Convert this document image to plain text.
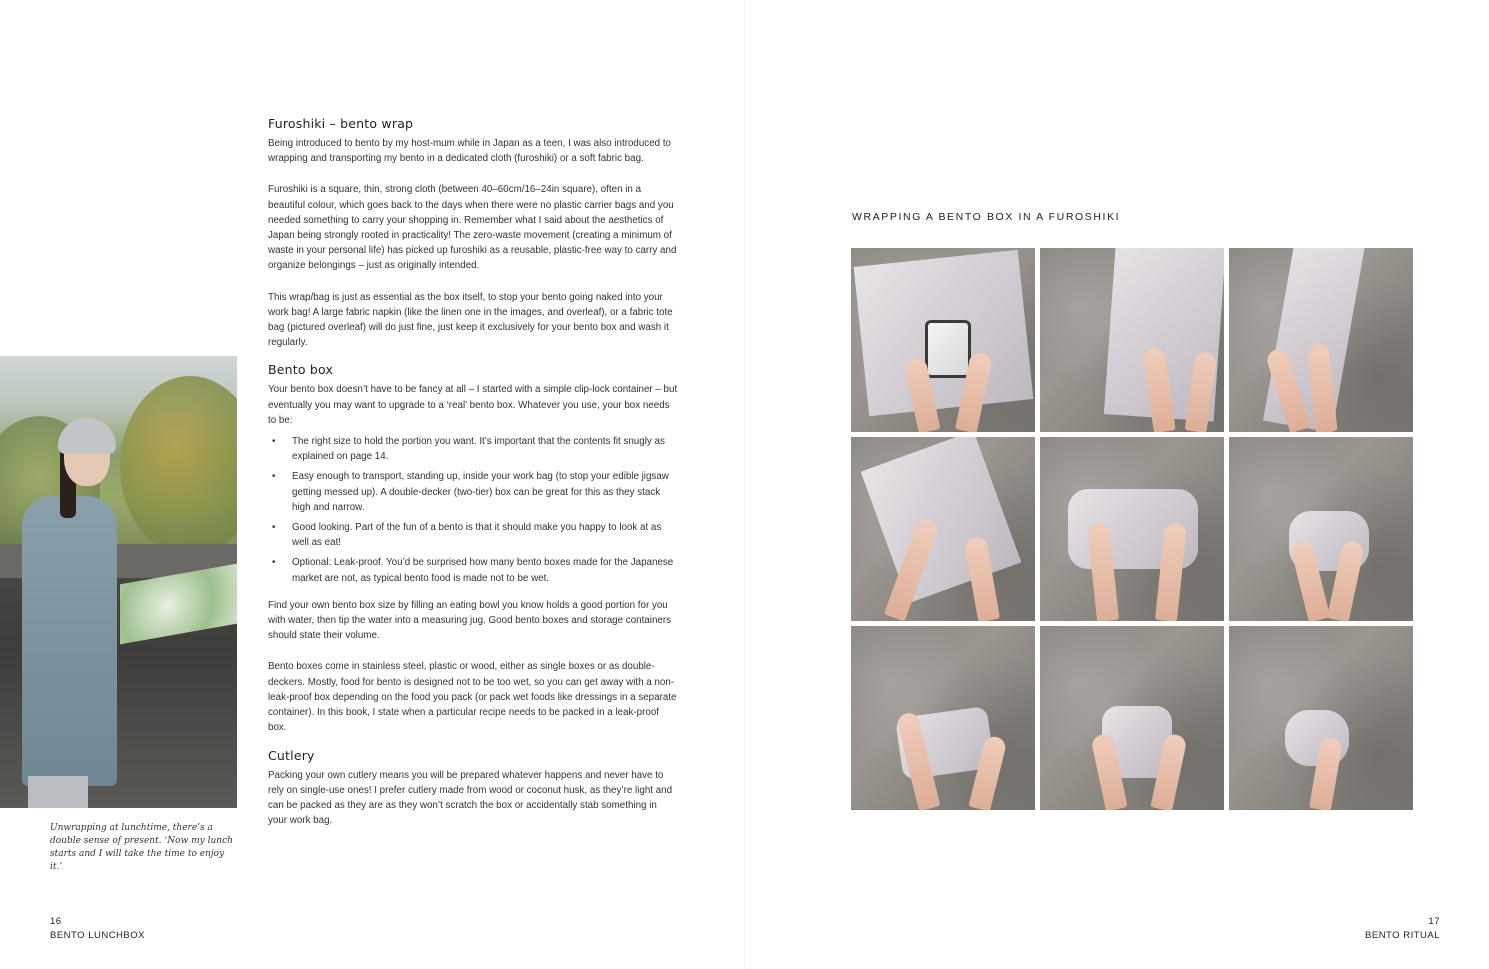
Unwrapping at lunchtime, there’s a double sense of present. ‘Now my lunch starts and I will take the time to enjoy it.’

Furoshiki – bento wrap

Being introduced to bento by my host-mum while in Japan as a teen, I was also introduced to wrapping and transporting my bento in a dedicated cloth (furoshiki) or a soft fabric bag.

Furoshiki is a square, thin, strong cloth (between 40–60cm/16–24in square), often in a beautiful colour, which goes back to the days when there were no plastic carrier bags and you needed something to carry your shopping in. Remember what I said about the aesthetics of Japan being strongly rooted in practicality! The zero-waste movement (creating a minimum of waste in your personal life) has picked up furoshiki as a reusable, plastic-free way to carry and organize belongings – just as originally intended.

This wrap/bag is just as essential as the box itself, to stop your bento going naked into your work bag! A large fabric napkin (like the linen one in the images, and overleaf), or a fabric tote bag (pictured overleaf) will do just fine, just keep it exclusively for your bento box and wash it regularly.

Bento box

Your bento box doesn’t have to be fancy at all – I started with a simple clip-lock container – but eventually you may want to upgrade to a ‘real’ bento box. Whatever you use, your box needs to be:

• The right size to hold the portion you want. It’s important that the contents fit snugly as explained on page 14.
• Easy enough to transport, standing up, inside your work bag (to stop your edible jigsaw getting messed up). A double-decker (two-tier) box can be great for this as they stack high and narrow.
• Good looking. Part of the fun of a bento is that it should make you happy to look at as well as eat!
• Optional: Leak-proof. You’d be surprised how many bento boxes made for the Japanese market are not, as typical bento food is made not to be wet.

Find your own bento box size by filling an eating bowl you know holds a good portion for you with water, then tip the water into a measuring jug. Good bento boxes and storage containers should state their volume.

Bento boxes come in stainless steel, plastic or wood, either as single boxes or as double-deckers. Mostly, food for bento is designed not to be too wet, so you can get away with a non-leak-proof box depending on the food you pack (or pack wet foods like dressings in a separate container). In this book, I state when a particular recipe needs to be packed in a leak-proof box.

Cutlery

Packing your own cutlery means you will be prepared whatever happens and never have to rely on single-use ones! I prefer cutlery made from wood or coconut husk, as they’re light and can be packed as they are as they won’t scratch the box or accidentally stab something in your work bag.

16
BENTO LUNCHBOX

WRAPPING A BENTO BOX IN A FUROSHIKI

17
BENTO RITUAL
